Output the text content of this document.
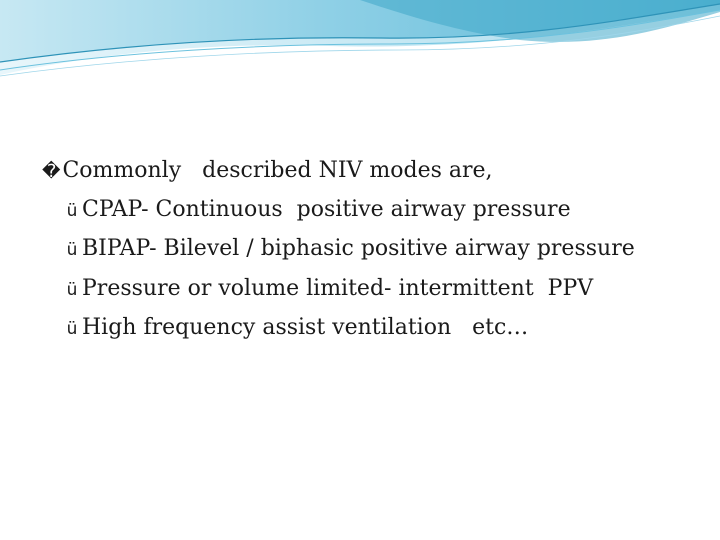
�Commonly   described NIV modes are,
ü CPAP- Continuous  positive airway pressure
ü BIPAP- Bilevel / biphasic positive airway pressure
ü Pressure or volume limited- intermittent  PPV
ü High frequency assist ventilation   etc…
